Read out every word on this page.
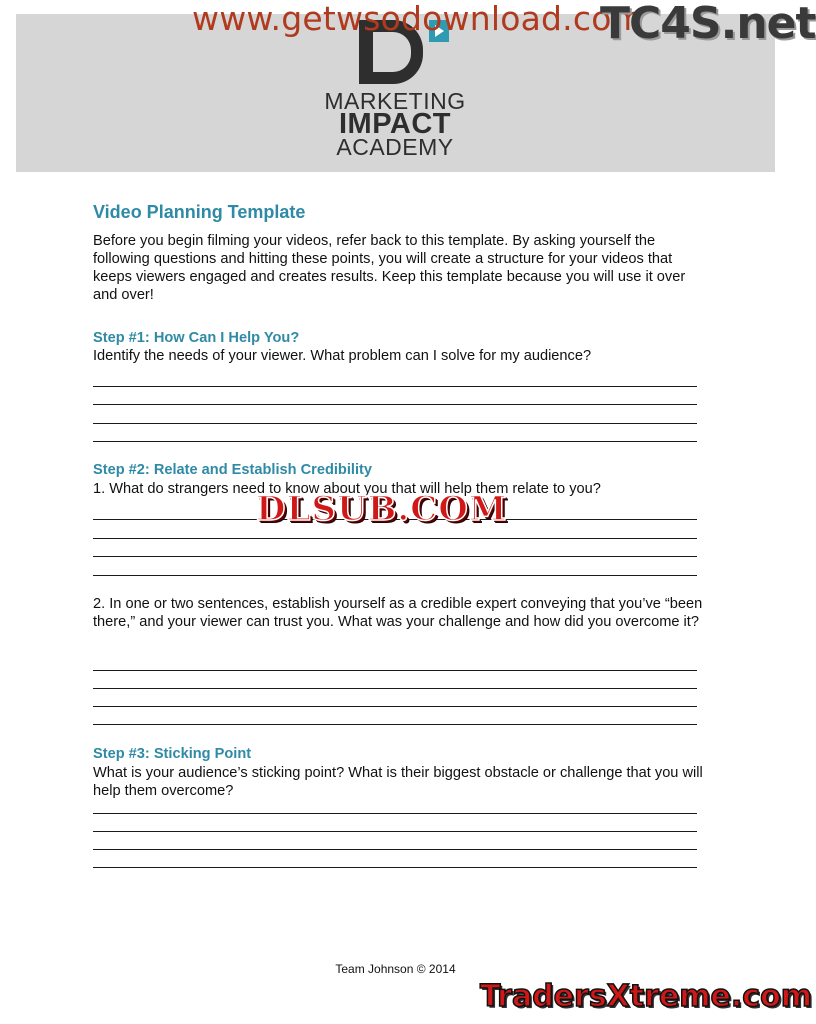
MARKETING
IMPACT
ACADEMY
www.getwsodownload.com
TC4S.net
Video Planning Template
Before you begin filming your videos, refer back to this template. By asking yourself the following questions and hitting these points, you will create a structure for your videos that keeps viewers engaged and creates results. Keep this template because you will use it over and over!
Step #1: How Can I Help You?
Identify the needs of your viewer. What problem can I solve for my audience?
Step #2: Relate and Establish Credibility
1. What do strangers need to know about you that will help them relate to you?
2. In one or two sentences, establish yourself as a credible expert conveying that you’ve “been there,” and your viewer can trust you. What was your challenge and how did you overcome it?
Step #3: Sticking Point
What is your audience’s sticking point? What is their biggest obstacle or challenge that you will help them overcome?
DLSUB.COM
Team Johnson © 2014
TradersXtreme.com
